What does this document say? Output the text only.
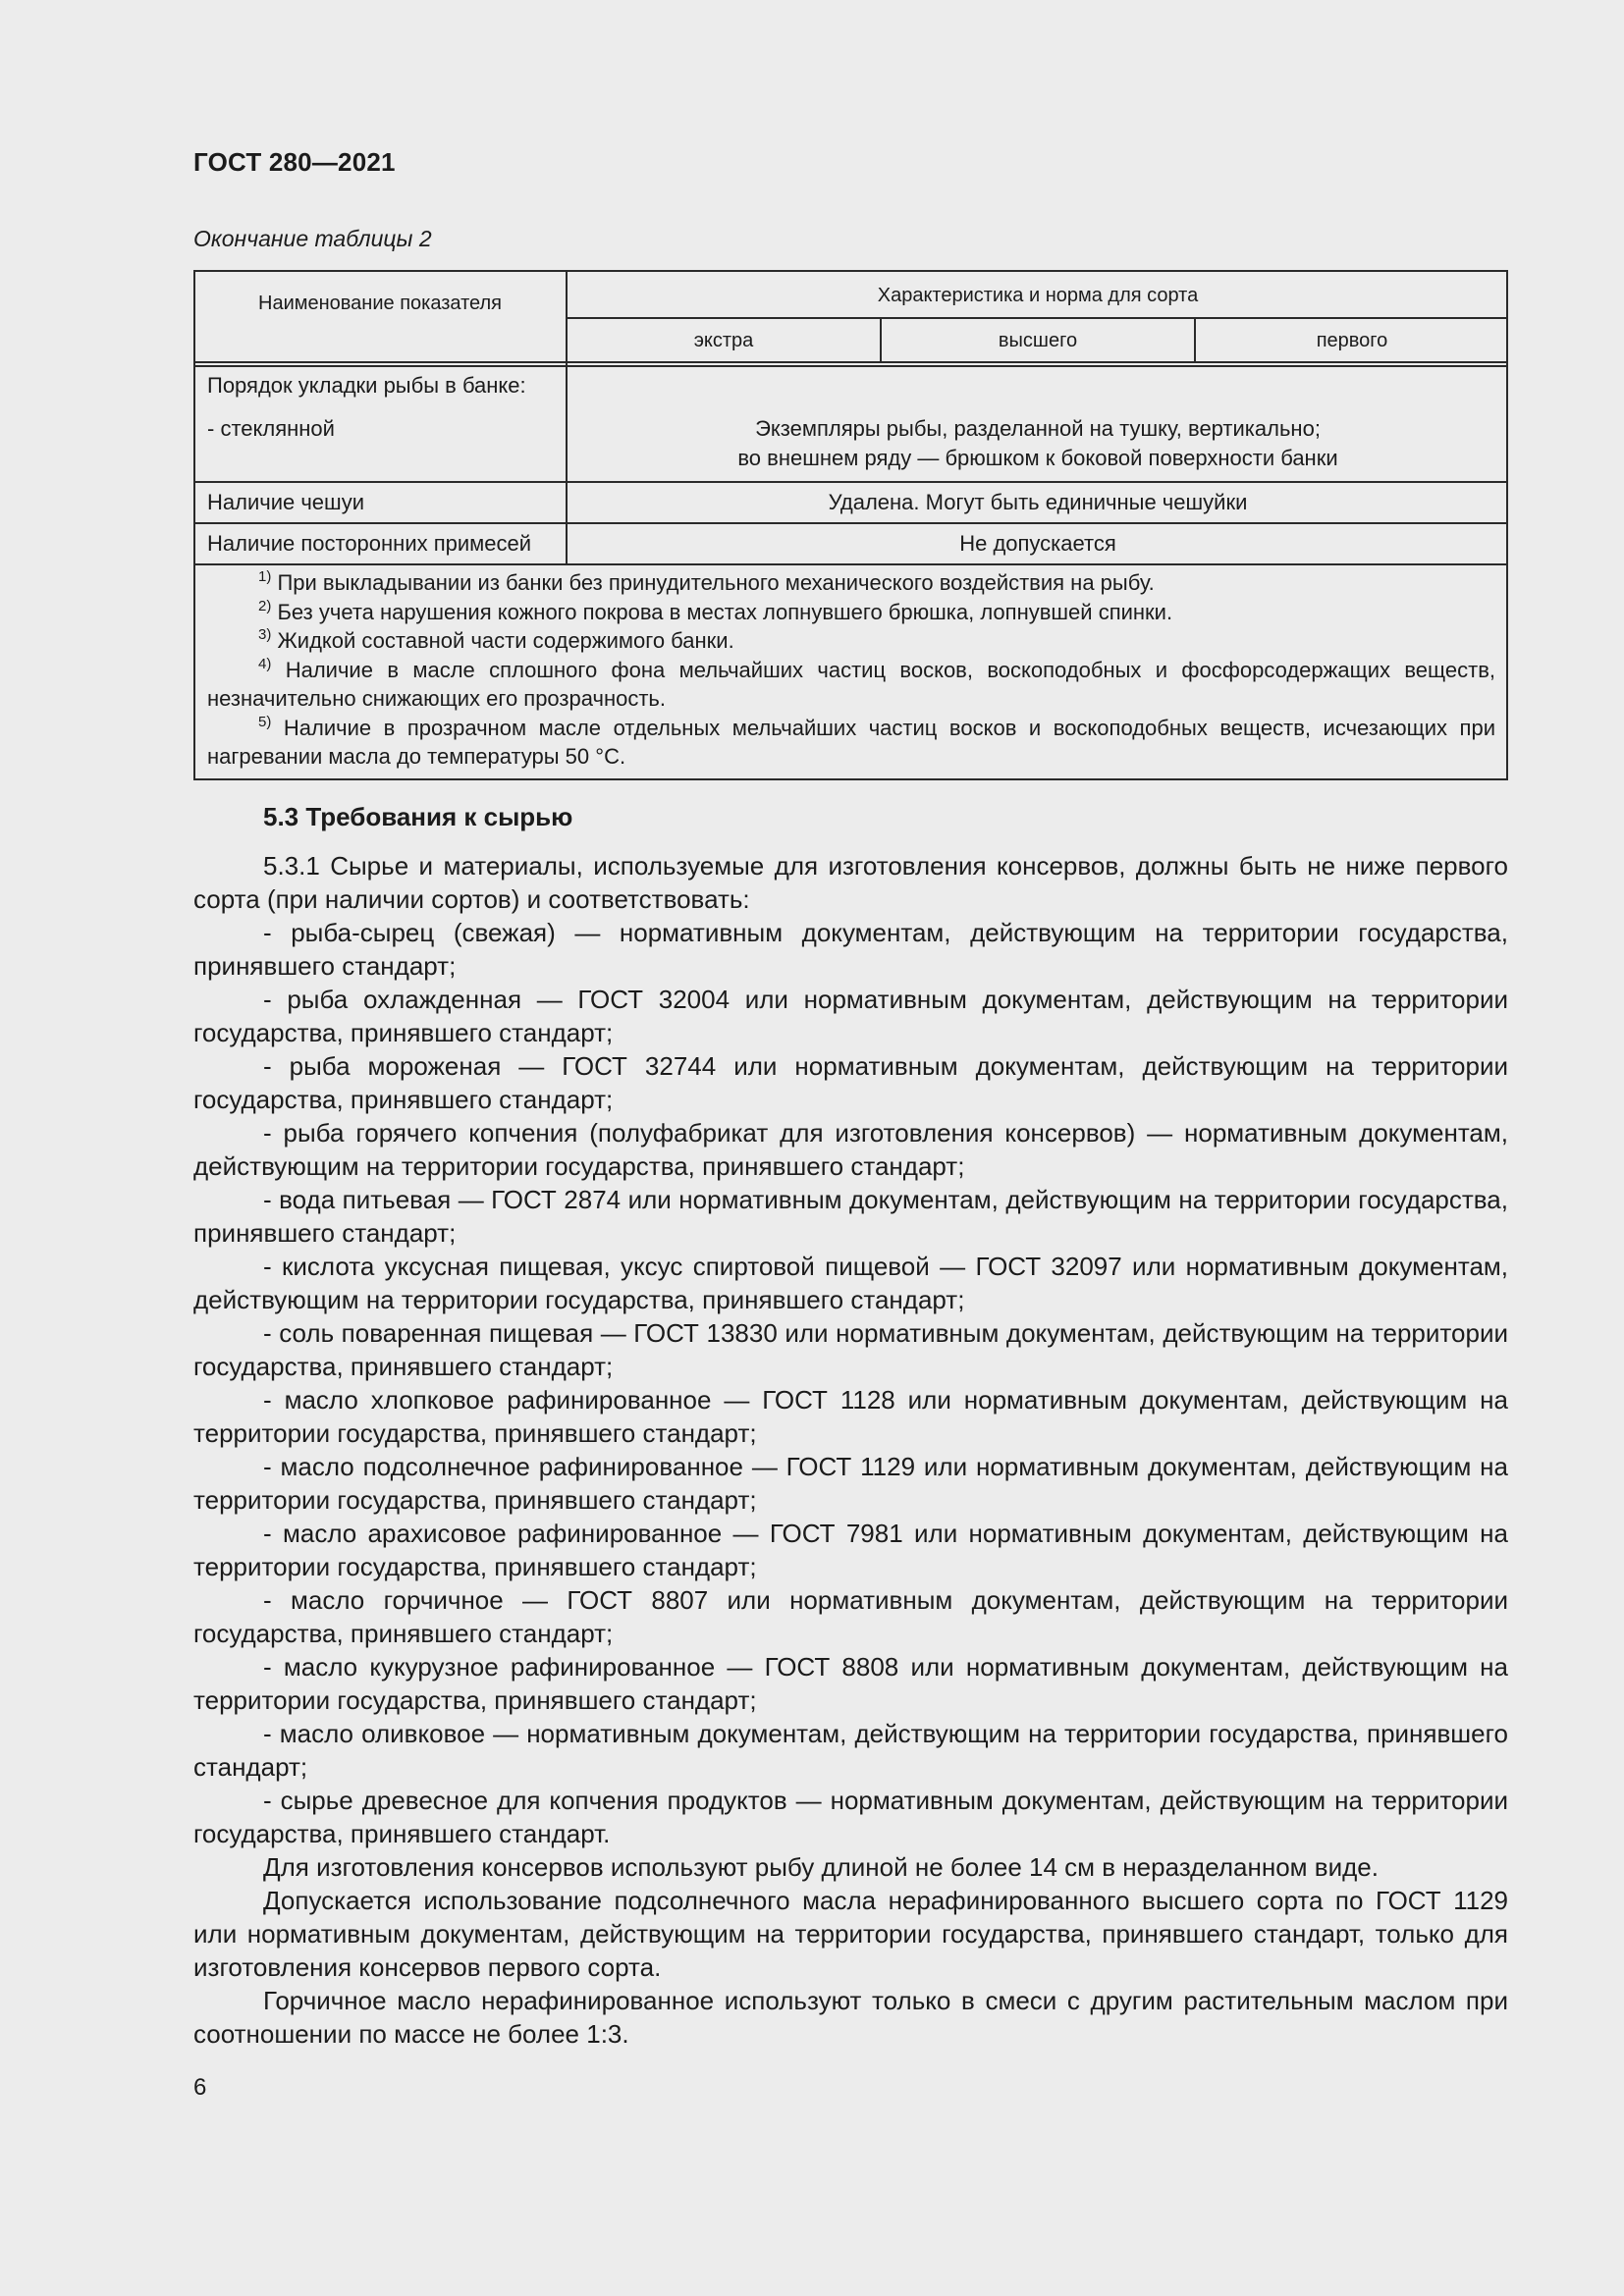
ГОСТ 280—2021
Окончание таблицы 2
Наименование показателя	Характеристика и норма для сорта
экстра	высшего	первого
Порядок укладки рыбы в банке:
- стеклянной	Экземпляры рыбы, разделанной на тушку, вертикально;
во внешнем ряду — брюшком к боковой поверхности банки
Наличие чешуи	Удалена. Могут быть единичные чешуйки
Наличие посторонних примесей	Не допускается

$^{1)}$ При выкладывании из банки без принудительного механического воздействия на рыбу.

$^{2)}$ Без учета нарушения кожного покрова в местах лопнувшего брюшка, лопнувшей спинки.

$^{3)}$ Жидкой составной части содержимого банки.

$^{4)}$ Наличие в масле сплошного фона мельчайших частиц восков, воскоподобных и фосфорсодержащих веществ, незначительно снижающих его прозрачность.

$^{5)}$ Наличие в прозрачном масле отдельных мельчайших частиц восков и воскоподобных веществ, исчезающих при нагревании масла до температуры 50 °С.

5.3 Требования к сырью

5.3.1 Сырье и материалы, используемые для изготовления консервов, должны быть не ниже первого сорта (при наличии сортов) и соответствовать:

- рыба-сырец (свежая) — нормативным документам, действующим на территории государства, принявшего стандарт;

- рыба охлажденная — ГОСТ 32004 или нормативным документам, действующим на территории государства, принявшего стандарт;

- рыба мороженая — ГОСТ 32744 или нормативным документам, действующим на территории государства, принявшего стандарт;

- рыба горячего копчения (полуфабрикат для изготовления консервов) — нормативным документам, действующим на территории государства, принявшего стандарт;

- вода питьевая — ГОСТ 2874 или нормативным документам, действующим на территории государства, принявшего стандарт;

- кислота уксусная пищевая, уксус спиртовой пищевой — ГОСТ 32097 или нормативным документам, действующим на территории государства, принявшего стандарт;

- соль поваренная пищевая — ГОСТ 13830 или нормативным документам, действующим на территории государства, принявшего стандарт;

- масло хлопковое рафинированное — ГОСТ 1128 или нормативным документам, действующим на территории государства, принявшего стандарт;

- масло подсолнечное рафинированное — ГОСТ 1129 или нормативным документам, действующим на территории государства, принявшего стандарт;

- масло арахисовое рафинированное — ГОСТ 7981 или нормативным документам, действующим на территории государства, принявшего стандарт;

- масло горчичное — ГОСТ 8807 или нормативным документам, действующим на территории государства, принявшего стандарт;

- масло кукурузное рафинированное — ГОСТ 8808 или нормативным документам, действующим на территории государства, принявшего стандарт;

- масло оливковое — нормативным документам, действующим на территории государства, принявшего стандарт;

- сырье древесное для копчения продуктов — нормативным документам, действующим на территории государства, принявшего стандарт.

Для изготовления консервов используют рыбу длиной не более 14 см в неразделанном виде.

Допускается использование подсолнечного масла нерафинированного высшего сорта по ГОСТ 1129 или нормативным документам, действующим на территории государства, принявшего стандарт, только для изготовления консервов первого сорта.

Горчичное масло нерафинированное используют только в смеси с другим растительным маслом при соотношении по массе не более 1:3.

6
